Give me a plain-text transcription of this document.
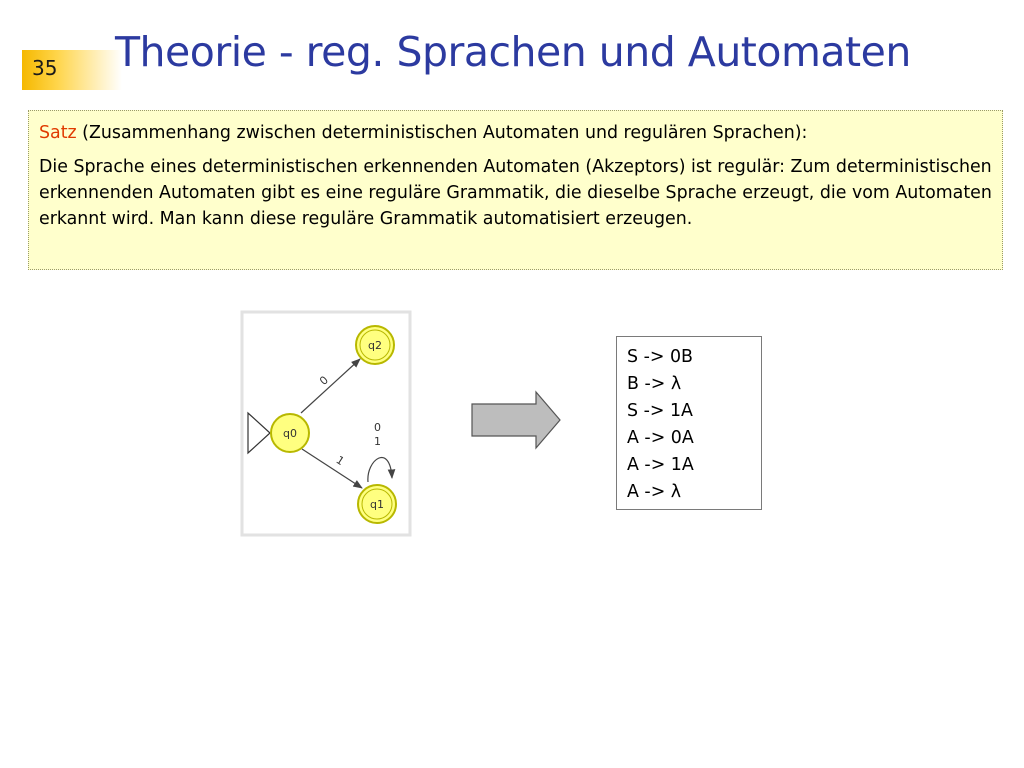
35 Theorie - reg. Sprachen und Automaten

Satz (Zusammenhang zwischen deterministischen Automaten und regulären Sprachen):

Die Sprache eines deterministischen erkennenden Automaten (Akzeptors) ist regulär: Zum deterministischen erkennenden Automaten gibt es eine reguläre Grammatik, die dieselbe Sprache erzeugt, die vom Automaten erkannt wird. Man kann diese reguläre Grammatik automatisiert erzeugen.

0
1
0
1
q2
q0
q1
S -> 0B
B -> λ
S -> 1A
A -> 0A
A -> 1A
A -> λ
